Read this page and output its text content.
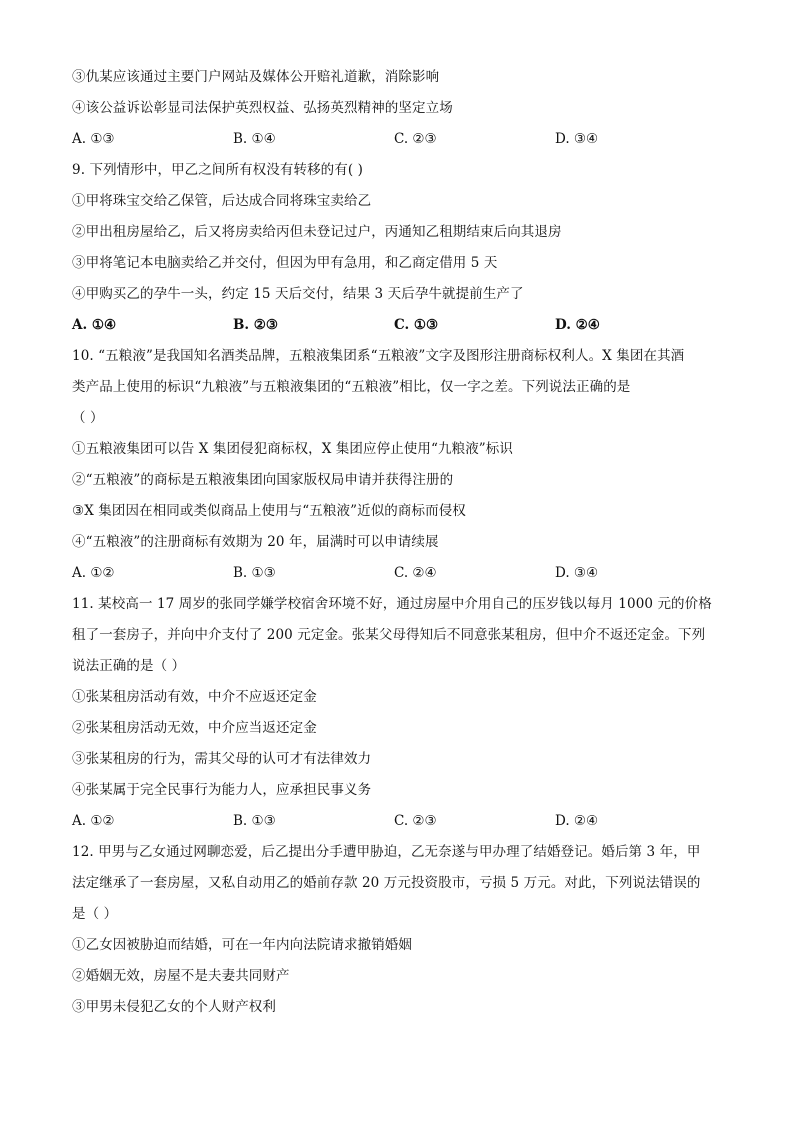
③仇某应该通过主要门户网站及媒体公开赔礼道歉，消除影响
④该公益诉讼彰显司法保护英烈权益、弘扬英烈精神的坚定立场
A. ①③	B. ①④	C. ②③	D. ③④
9. 下列情形中，甲乙之间所有权没有转移的有( )
①甲将珠宝交给乙保管，后达成合同将珠宝卖给乙
②甲出租房屋给乙，后又将房卖给丙但未登记过户，丙通知乙租期结束后向其退房
③甲将笔记本电脑卖给乙并交付，但因为甲有急用，和乙商定借用 5 天
④甲购买乙的孕牛一头，约定 15 天后交付，结果 3 天后孕牛就提前生产了
A. ①④	B. ②③	C. ①③	D. ②④
10. “五粮液”是我国知名酒类品牌，五粮液集团系“五粮液”文字及图形注册商标权利人。X 集团在其酒
类产品上使用的标识“九粮液”与五粮液集团的“五粮液”相比，仅一字之差。下列说法正确的是
（ ）
①五粮液集团可以告 X 集团侵犯商标权，X 集团应停止使用“九粮液”标识
②“五粮液”的商标是五粮液集团向国家版权局申请并获得注册的
③X 集团因在相同或类似商品上使用与“五粮液”近似的商标而侵权
④“五粮液”的注册商标有效期为 20 年，届满时可以申请续展
A. ①②	B. ①③	C. ②④	D. ③④
11. 某校高一 17 周岁的张同学嫌学校宿舍环境不好，通过房屋中介用自己的压岁钱以每月 1000 元的价格
租了一套房子，并向中介支付了 200 元定金。张某父母得知后不同意张某租房，但中介不返还定金。下列
说法正确的是（ ）
①张某租房活动有效，中介不应返还定金
②张某租房活动无效，中介应当返还定金
③张某租房的行为，需其父母的认可才有法律效力
④张某属于完全民事行为能力人，应承担民事义务
A. ①②	B. ①③	C. ②③	D. ②④
12. 甲男与乙女通过网聊恋爱，后乙提出分手遭甲胁迫，乙无奈遂与甲办理了结婚登记。婚后第 3 年，甲
法定继承了一套房屋，又私自动用乙的婚前存款 20 万元投资股市，亏损 5 万元。对此，下列说法错误的
是（ ）
①乙女因被胁迫而结婚，可在一年内向法院请求撤销婚姻
②婚姻无效，房屋不是夫妻共同财产
③甲男未侵犯乙女的个人财产权利
